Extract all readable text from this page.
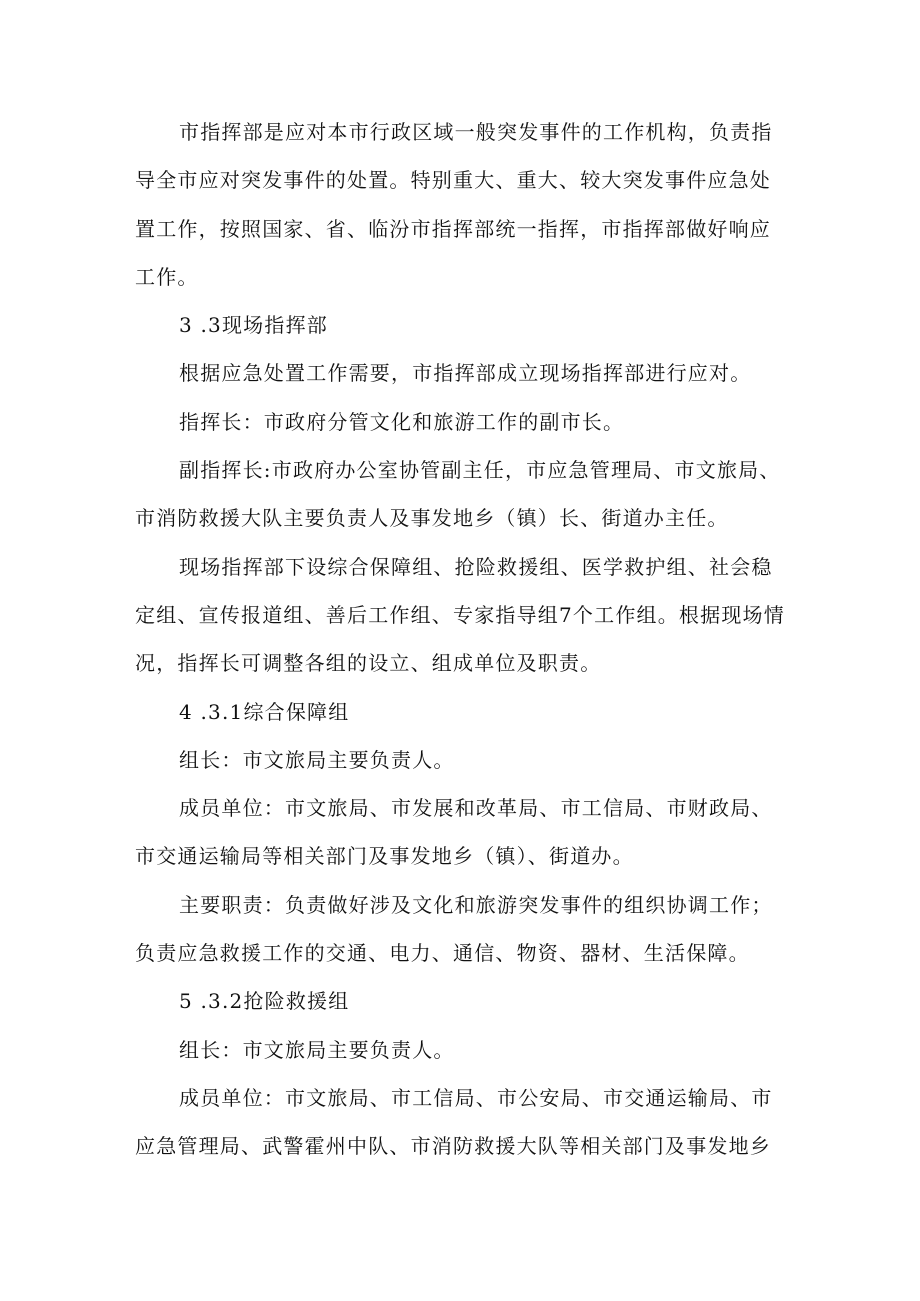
市指挥部是应对本市行政区域一般突发事件的工作机构，负责指
导全市应对突发事件的处置。特别重大、重大、较大突发事件应急处
置工作，按照国家、省、临汾市指挥部统一指挥，市指挥部做好响应
工作。
3 .3现场指挥部
根据应急处置工作需要，市指挥部成立现场指挥部进行应对。
指挥长：市政府分管文化和旅游工作的副市长。
副指挥长:市政府办公室协管副主任，市应急管理局、市文旅局、
市消防救援大队主要负责人及事发地乡（镇）长、街道办主任。
现场指挥部下设综合保障组、抢险救援组、医学救护组、社会稳
定组、宣传报道组、善后工作组、专家指导组7个工作组。根据现场情
况，指挥长可调整各组的设立、组成单位及职责。
4 .3.1综合保障组
组长：市文旅局主要负责人。
成员单位：市文旅局、市发展和改革局、市工信局、市财政局、
市交通运输局等相关部门及事发地乡（镇）、街道办。
主要职责：负责做好涉及文化和旅游突发事件的组织协调工作；
负责应急救援工作的交通、电力、通信、物资、器材、生活保障。
5 .3.2抢险救援组
组长：市文旅局主要负责人。
成员单位：市文旅局、市工信局、市公安局、市交通运输局、市
应急管理局、武警霍州中队、市消防救援大队等相关部门及事发地乡
